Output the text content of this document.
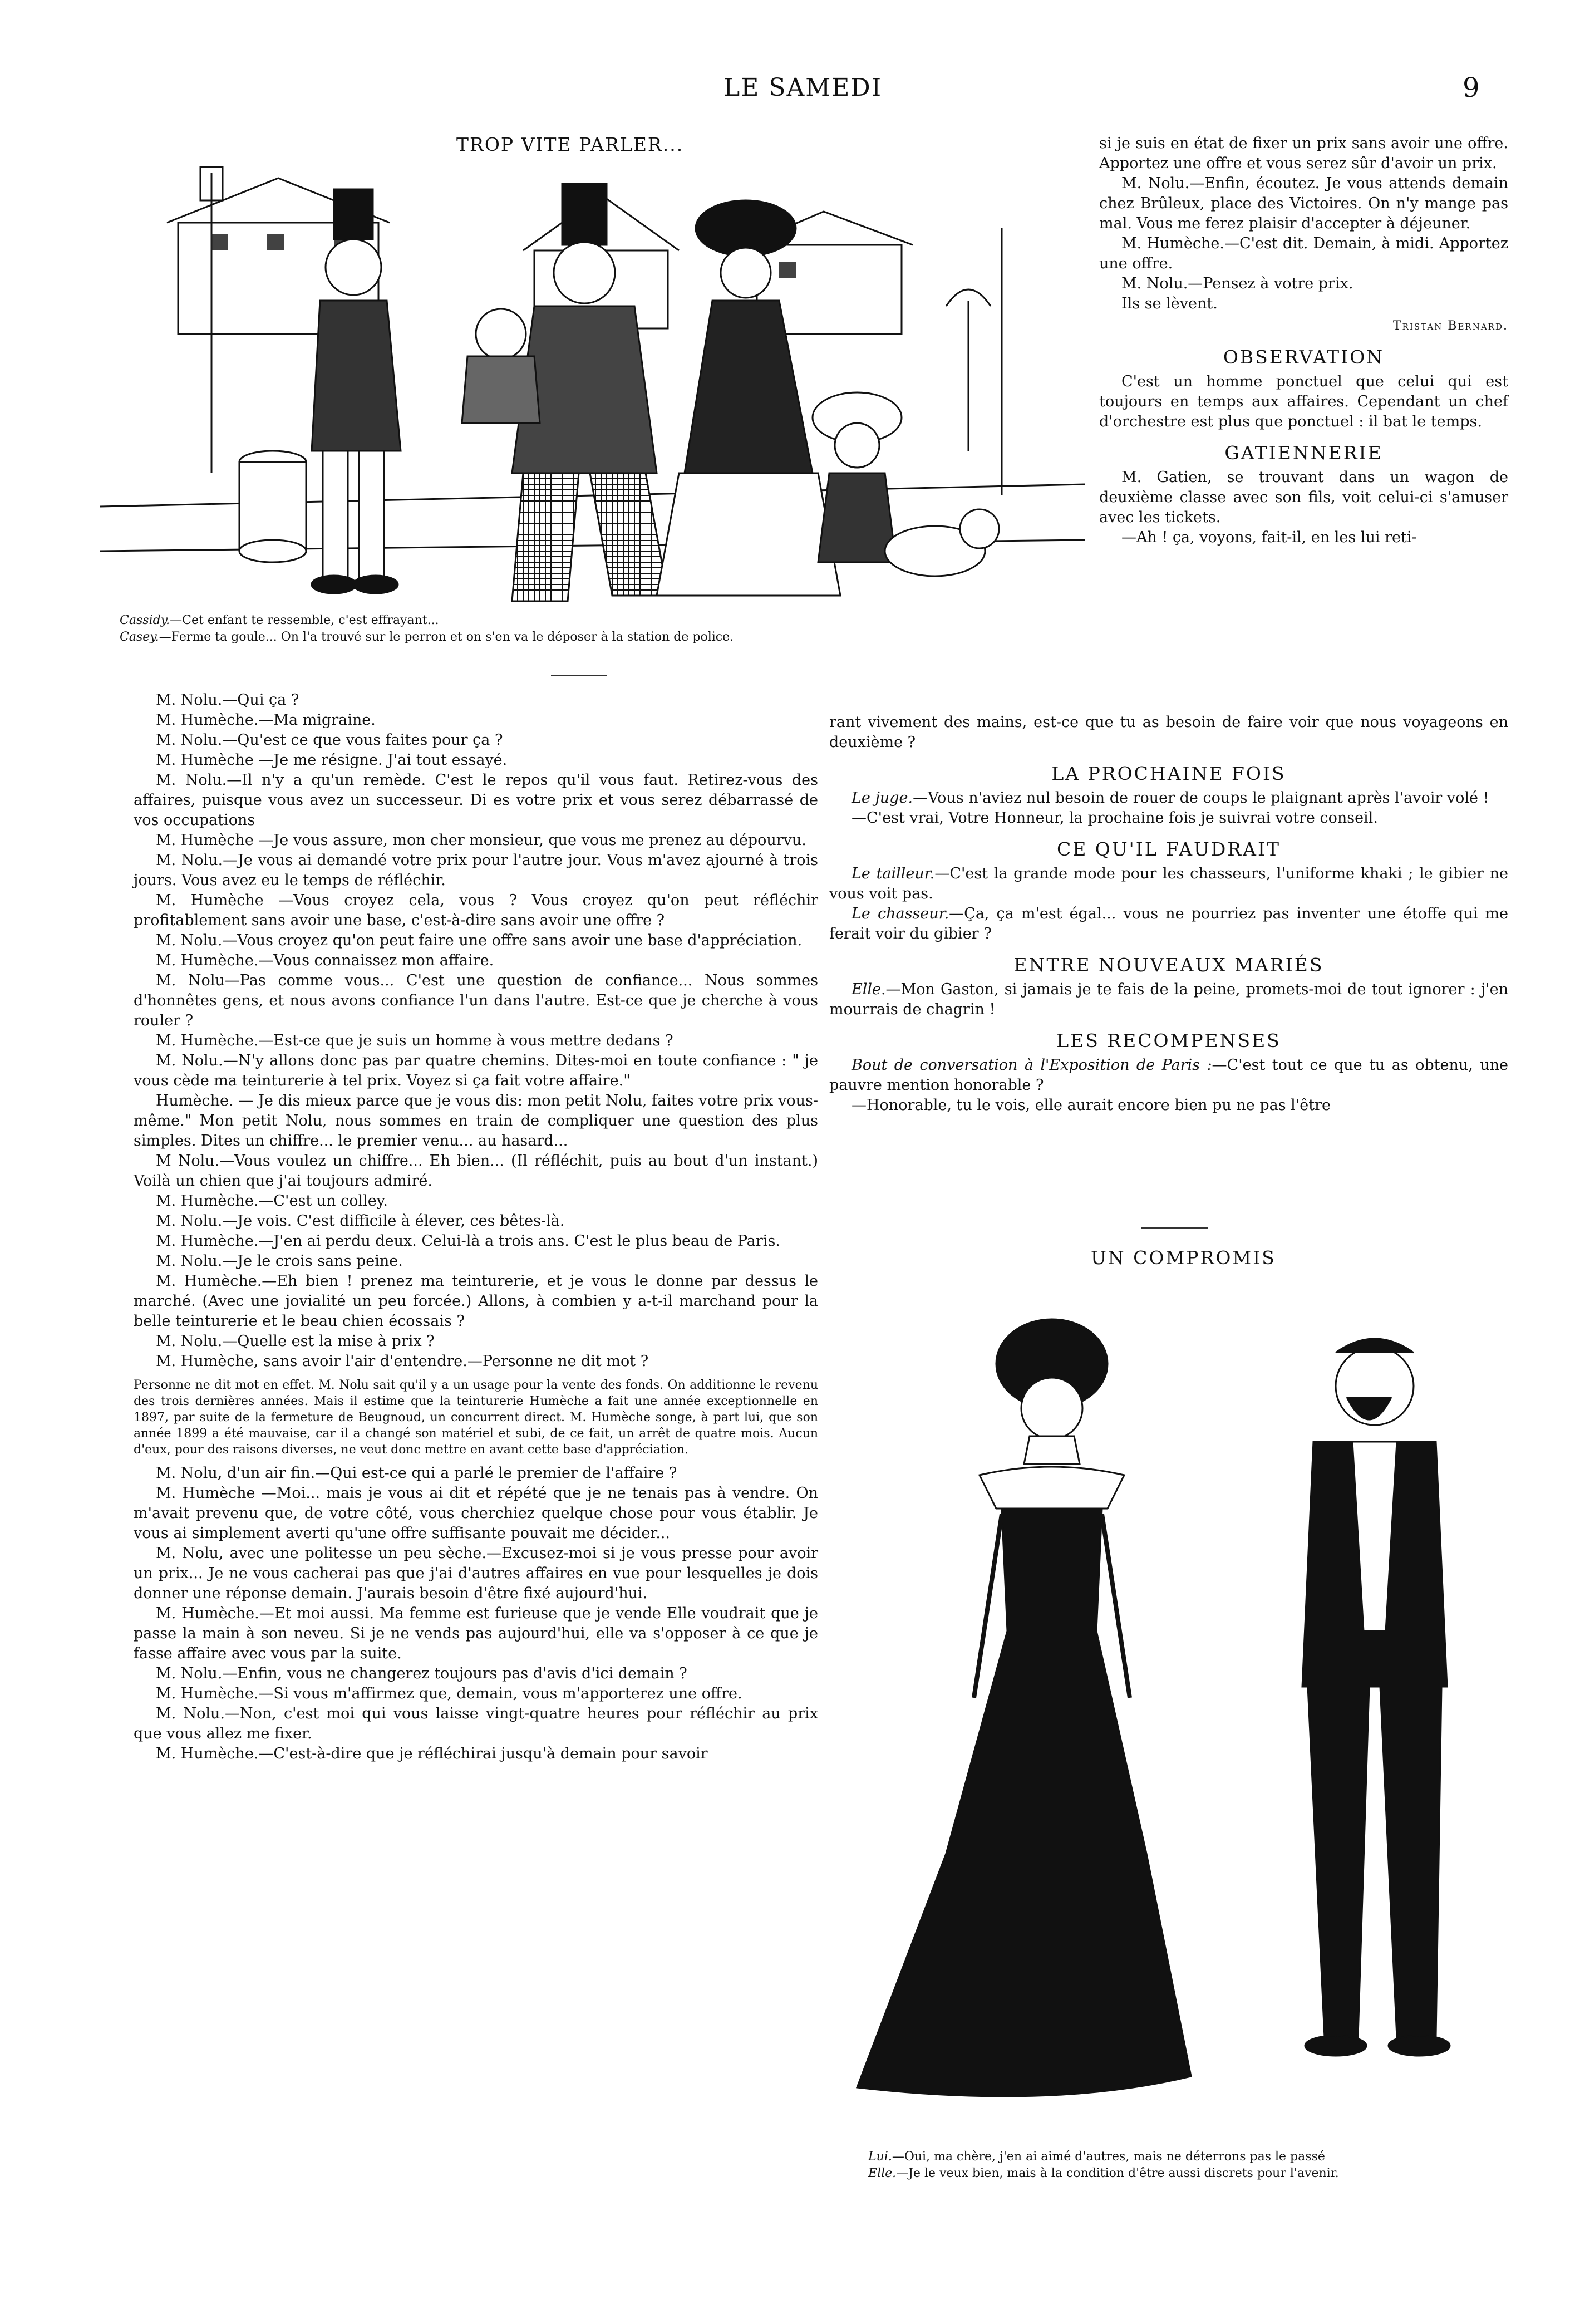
LE SAMEDI	9
TROP VITE PARLER...
Cassidy.—Cet enfant te ressemble, c'est effrayant...
Casey.—Ferme ta goule... On l'a trouvé sur le perron et on s'en va le déposer à la station de police.

M. Nolu.—Qui ça ?

M. Humèche.—Ma migraine.

M. Nolu.—Qu'est ce que vous faites pour ça ?

M. Humèche —Je me résigne. J'ai tout essayé.

M. Nolu.—Il n'y a qu'un remède. C'est le repos qu'il vous faut. Retirez-vous des affaires, puisque vous avez un successeur. Di es votre prix et vous serez débarrassé de vos occupations

M. Humèche —Je vous assure, mon cher monsieur, que vous me prenez au dépourvu.

M. Nolu.—Je vous ai demandé votre prix pour l'autre jour. Vous m'avez ajourné à trois jours. Vous avez eu le temps de réfléchir.

M. Humèche —Vous croyez cela, vous ? Vous croyez qu'on peut réfléchir profitablement sans avoir une base, c'est-à-dire sans avoir une offre ?

M. Nolu.—Vous croyez qu'on peut faire une offre sans avoir une base d'appréciation.

M. Humèche.—Vous connaissez mon affaire.

M. Nolu—Pas comme vous... C'est une question de confiance... Nous sommes d'honnêtes gens, et nous avons confiance l'un dans l'autre. Est-ce que je cherche à vous rouler ?

M. Humèche.—Est-ce que je suis un homme à vous mettre dedans ?

M. Nolu.—N'y allons donc pas par quatre chemins. Dites-moi en toute confiance : " je vous cède ma teinturerie à tel prix. Voyez si ça fait votre affaire."

Humèche. — Je dis mieux parce que je vous dis: mon petit Nolu, faites votre prix vous-même." Mon petit Nolu, nous sommes en train de compliquer une question des plus simples. Dites un chiffre... le premier venu... au hasard...

M Nolu.—Vous voulez un chiffre... Eh bien... (Il réfléchit, puis au bout d'un instant.) Voilà un chien que j'ai toujours admiré.

M. Humèche.—C'est un colley.

M. Nolu.—Je vois. C'est difficile à élever, ces bêtes-là.

M. Humèche.—J'en ai perdu deux. Celui-là a trois ans. C'est le plus beau de Paris.

M. Nolu.—Je le crois sans peine.

M. Humèche.—Eh bien ! prenez ma teinturerie, et je vous le donne par dessus le marché. (Avec une jovialité un peu forcée.) Allons, à combien y a-t-il marchand pour la belle teinturerie et le beau chien écossais ?

M. Nolu.—Quelle est la mise à prix ?

M. Humèche, sans avoir l'air d'entendre.—Personne ne dit mot ?

Personne ne dit mot en effet. M. Nolu sait qu'il y a un usage pour la vente des fonds. On additionne le revenu des trois dernières années. Mais il estime que la teinturerie Humèche a fait une année exceptionnelle en 1897, par suite de la fermeture de Beugnoud, un concurrent direct. M. Humèche songe, à part lui, que son année 1899 a été mauvaise, car il a changé son matériel et subi, de ce fait, un arrêt de quatre mois. Aucun d'eux, pour des raisons diverses, ne veut donc mettre en avant cette base d'appréciation.

M. Nolu, d'un air fin.—Qui est-ce qui a parlé le premier de l'affaire ?

M. Humèche —Moi... mais je vous ai dit et répété que je ne tenais pas à vendre. On m'avait prevenu que, de votre côté, vous cherchiez quelque chose pour vous établir. Je vous ai simplement averti qu'une offre suffisante pouvait me décider...

M. Nolu, avec une politesse un peu sèche.—Excusez-moi si je vous presse pour avoir un prix... Je ne vous cacherai pas que j'ai d'autres affaires en vue pour lesquelles je dois donner une réponse demain. J'aurais besoin d'être fixé aujourd'hui.

M. Humèche.—Et moi aussi. Ma femme est furieuse que je vende Elle voudrait que je passe la main à son neveu. Si je ne vends pas aujourd'hui, elle va s'opposer à ce que je fasse affaire avec vous par la suite.

M. Nolu.—Enfin, vous ne changerez toujours pas d'avis d'ici demain ?

M. Humèche.—Si vous m'affirmez que, demain, vous m'apporterez une offre.

M. Nolu.—Non, c'est moi qui vous laisse vingt-quatre heures pour réfléchir au prix que vous allez me fixer.

M. Humèche.—C'est-à-dire que je réfléchirai jusqu'à demain pour savoir

si je suis en état de fixer un prix sans avoir une offre. Apportez une offre et vous serez sûr d'avoir un prix.

M. Nolu.—Enfin, écoutez. Je vous attends demain chez Brûleux, place des Victoires. On n'y mange pas mal. Vous me ferez plaisir d'accepter à déjeuner.

M. Humèche.—C'est dit. Demain, à midi. Apportez une offre.

M. Nolu.—Pensez à votre prix.

Ils se lèvent.

Tristan Bernard.
OBSERVATION

C'est un homme ponctuel que celui qui est toujours en temps aux affaires. Cependant un chef d'orchestre est plus que ponctuel : il bat le temps.

GATIENNERIE

M. Gatien, se trouvant dans un wagon de deuxième classe avec son fils, voit celui-ci s'amuser avec les tickets.

—Ah ! ça, voyons, fait-il, en les lui reti-

rant vivement des mains, est-ce que tu as besoin de faire voir que nous voyageons en deuxième ?

LA PROCHAINE FOIS

Le juge.—Vous n'aviez nul besoin de rouer de coups le plaignant après l'avoir volé !

—C'est vrai, Votre Honneur, la prochaine fois je suivrai votre conseil.

CE QU'IL FAUDRAIT

Le tailleur.—C'est la grande mode pour les chasseurs, l'uniforme khaki ; le gibier ne vous voit pas.

Le chasseur.—Ça, ça m'est égal... vous ne pourriez pas inventer une étoffe qui me ferait voir du gibier ?

ENTRE NOUVEAUX MARIÉS

Elle.—Mon Gaston, si jamais je te fais de la peine, promets-moi de tout ignorer : j'en mourrais de chagrin !

LES RECOMPENSES

Bout de conversation à l'Exposition de Paris :—C'est tout ce que tu as obtenu, une pauvre mention honorable ?

—Honorable, tu le vois, elle aurait encore bien pu ne pas l'être

UN COMPROMIS
Lui.—Oui, ma chère, j'en ai aimé d'autres, mais ne déterrons pas le passé
Elle.—Je le veux bien, mais à la condition d'être aussi discrets pour l'avenir.
